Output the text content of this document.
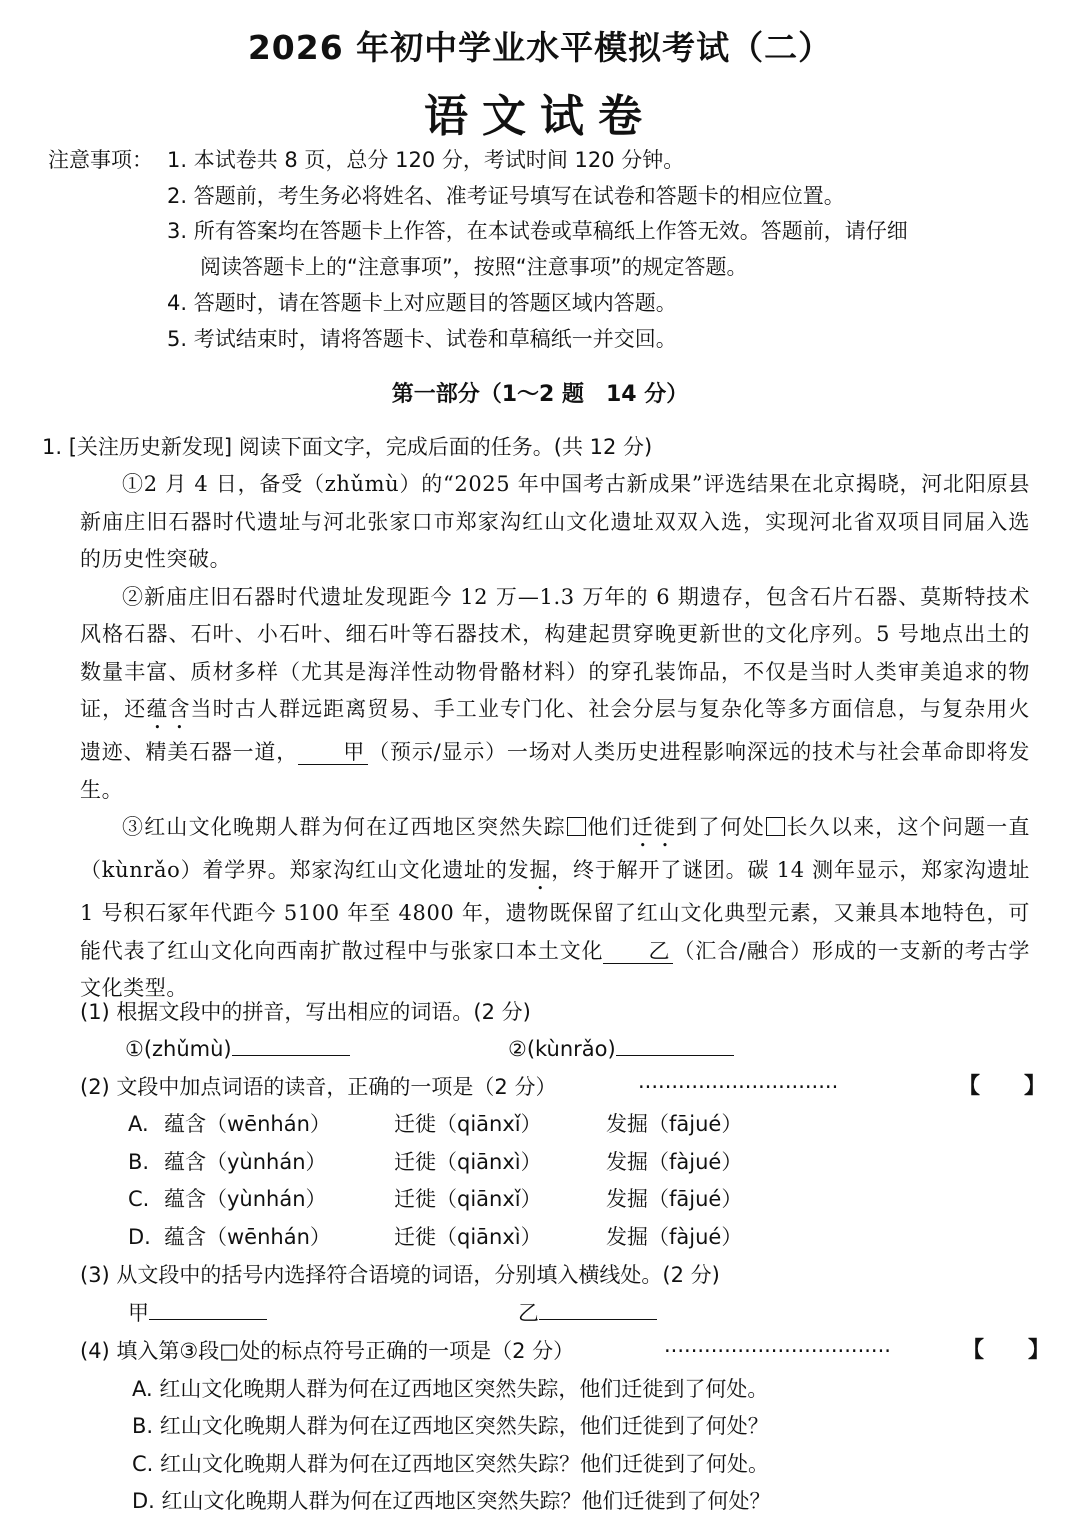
2026 年初中学业水平模拟考试（二）
语文试卷
注意事项： 1. 本试卷共 8 页，总分 120 分，考试时间 120 分钟。
2. 答题前，考生务必将姓名、准考证号填写在试卷和答题卡的相应位置。
3. 所有答案均在答题卡上作答，在本试卷或草稿纸上作答无效。答题前，请仔细
阅读答题卡上的“注意事项”，按照“注意事项”的规定答题。
4. 答题时，请在答题卡上对应题目的答题区域内答题。
5. 考试结束时，请将答题卡、试卷和草稿纸一并交回。
第一部分（1～2 题　14 分）
1. [关注历史新发现] 阅读下面文字，完成后面的任务。(共 12 分)

①2 月 4 日，备受（zhǔmù）的“2025 年中国考古新成果”评选结果在北京揭晓，河北阳原县新庙庄旧石器时代遗址与河北张家口市郑家沟红山文化遗址双双入选，实现河北省双项目同届入选的历史性突破。

②新庙庄旧石器时代遗址发现距今 12 万—1.3 万年的 6 期遗存，包含石片石器、莫斯特技术风格石器、石叶、小石叶、细石叶等石器技术，构建起贯穿晚更新世的文化序列。5 号地点出土的数量丰富、质材多样（尤其是海洋性动物骨骼材料）的穿孔装饰品，不仅是当时人类审美追求的物证，还蕴含当时古人群远距离贸易、手工业专门化、社会分层与复杂化等多方面信息，与复杂用火遗迹、精美石器一道， 甲 （预示/显示）一场对人类历史进程影响深远的技术与社会革命即将发生。

③红山文化晚期人群为何在辽西地区突然失踪 他们迁徙到了何处 长久以来，这个问题一直（kùnrǎo）着学界。郑家沟红山文化遗址的发掘，终于解开了谜团。碳 14 测年显示，郑家沟遗址 1 号积石冢年代距今 5100 年至 4800 年，遗物既保留了红山文化典型元素，又兼具本地特色，可能代表了红山文化向西南扩散过程中与张家口本土文化 乙 （汇合/融合）形成的一支新的考古学文化类型。

(1) 根据文段中的拼音，写出相应的词语。(2 分)
①(zhǔmù)	②(kùnrǎo)
(2) 文段中加点词语的读音，正确的一项是（2 分）	······························	【　　】
A. 蕴含（wēnhán）	迁徙（qiānxǐ）	发掘（fājué）
B. 蕴含（yùnhán）	迁徙（qiānxì）	发掘（fàjué）
C. 蕴含（yùnhán）	迁徙（qiānxǐ）	发掘（fājué）
D. 蕴含（wēnhán）	迁徙（qiānxì）	发掘（fàjué）
(3) 从文段中的括号内选择符合语境的词语，分别填入横线处。(2 分)
甲	乙
(4) 填入第③段□处的标点符号正确的一项是（2 分）	··································	【　　】
A. 红山文化晚期人群为何在辽西地区突然失踪，他们迁徙到了何处。
B. 红山文化晚期人群为何在辽西地区突然失踪，他们迁徙到了何处？
C. 红山文化晚期人群为何在辽西地区突然失踪？他们迁徙到了何处。
D. 红山文化晚期人群为何在辽西地区突然失踪？他们迁徙到了何处？
